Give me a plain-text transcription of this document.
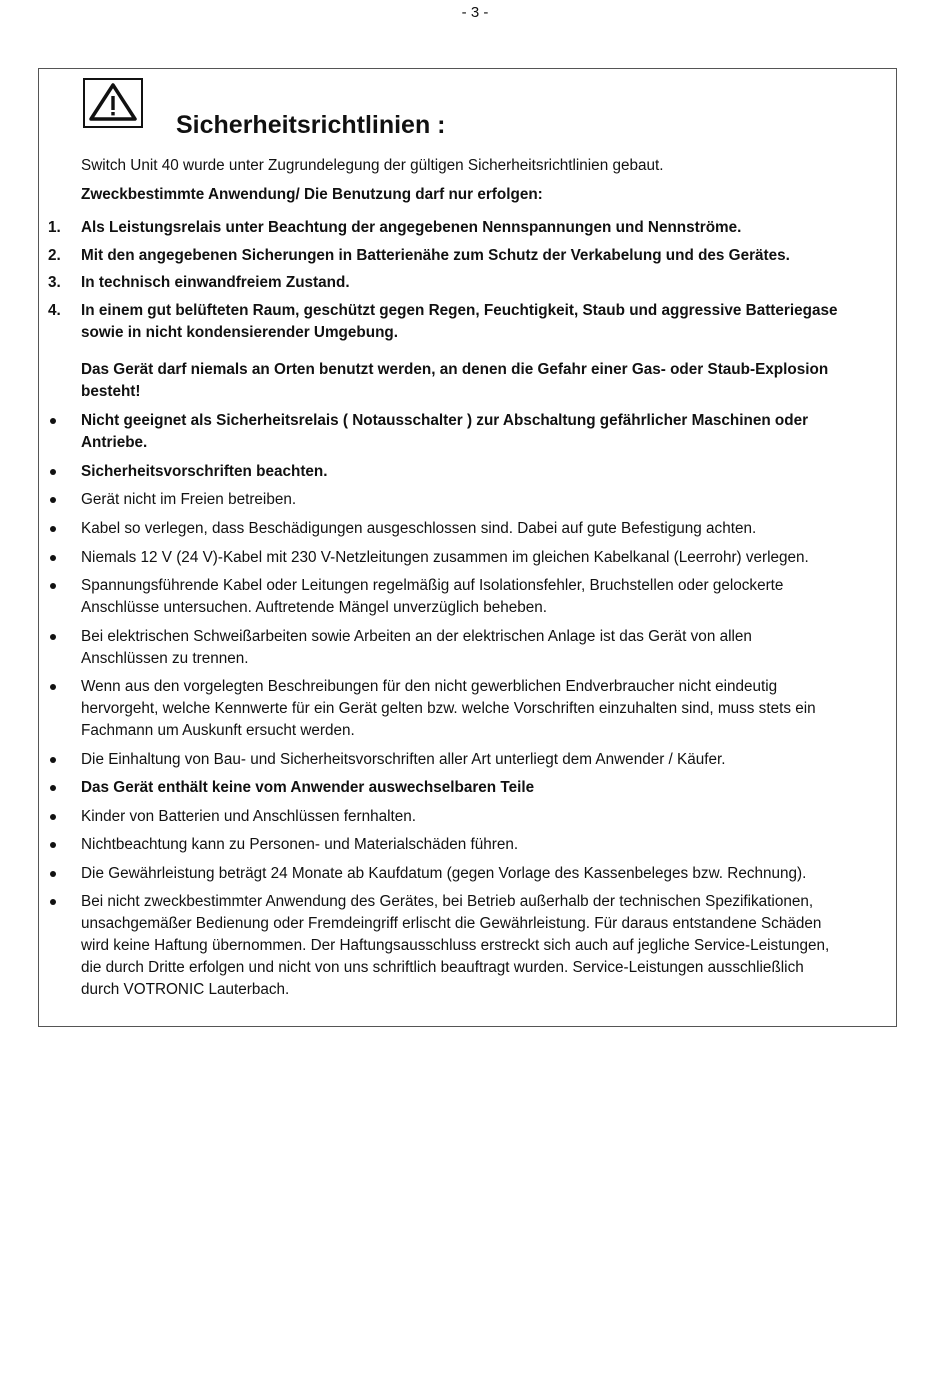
- 3 -
Sicherheitsrichtlinien :
Switch Unit 40 wurde unter Zugrundelegung der gültigen Sicherheitsrichtlinien gebaut.
Zweckbestimmte Anwendung/ Die Benutzung darf nur erfolgen:
1. Als Leistungsrelais unter Beachtung der angegebenen Nennspannungen und Nennströme.
2. Mit den angegebenen Sicherungen in Batterienähe zum Schutz der Verkabelung und des Gerätes.
3. In technisch einwandfreiem Zustand.
4. In einem gut belüfteten Raum, geschützt gegen Regen, Feuchtigkeit, Staub und aggressive Batteriegase
sowie in nicht kondensierender Umgebung.
Das Gerät darf niemals an Orten benutzt werden, an denen die Gefahr einer Gas- oder Staub-Explosion
besteht!
Nicht geeignet als Sicherheitsrelais ( Notausschalter ) zur Abschaltung gefährlicher Maschinen oder
Antriebe.
Sicherheitsvorschriften beachten.
Gerät nicht im Freien betreiben.
Kabel so verlegen, dass Beschädigungen ausgeschlossen sind. Dabei auf gute Befestigung achten.
Niemals 12 V (24 V)-Kabel mit 230 V-Netzleitungen zusammen im gleichen Kabelkanal (Leerrohr) verlegen.
Spannungsführende Kabel oder Leitungen regelmäßig auf Isolationsfehler, Bruchstellen oder gelockerte
Anschlüsse untersuchen. Auftretende Mängel unverzüglich beheben.
Bei elektrischen Schweißarbeiten sowie Arbeiten an der elektrischen Anlage ist das Gerät von allen
Anschlüssen zu trennen.
Wenn aus den vorgelegten Beschreibungen für den nicht gewerblichen Endverbraucher nicht eindeutig
hervorgeht, welche Kennwerte für ein Gerät gelten bzw. welche Vorschriften einzuhalten sind, muss stets ein
Fachmann um Auskunft ersucht werden.
Die Einhaltung von Bau- und Sicherheitsvorschriften aller Art unterliegt dem Anwender / Käufer.
Das Gerät enthält keine vom Anwender auswechselbaren Teile
Kinder von Batterien und Anschlüssen fernhalten.
Nichtbeachtung kann zu Personen- und Materialschäden führen.
Die Gewährleistung beträgt 24 Monate ab Kaufdatum (gegen Vorlage des Kassenbeleges bzw. Rechnung).
Bei nicht zweckbestimmter Anwendung des Gerätes, bei Betrieb außerhalb der technischen Spezifikationen,
unsachgemäßer Bedienung oder Fremdeingriff erlischt die Gewährleistung. Für daraus entstandene Schäden
wird keine Haftung übernommen. Der Haftungsausschluss erstreckt sich auch auf jegliche Service-Leistungen,
die durch Dritte erfolgen und nicht von uns schriftlich beauftragt wurden. Service-Leistungen ausschließlich
durch VOTRONIC Lauterbach.
